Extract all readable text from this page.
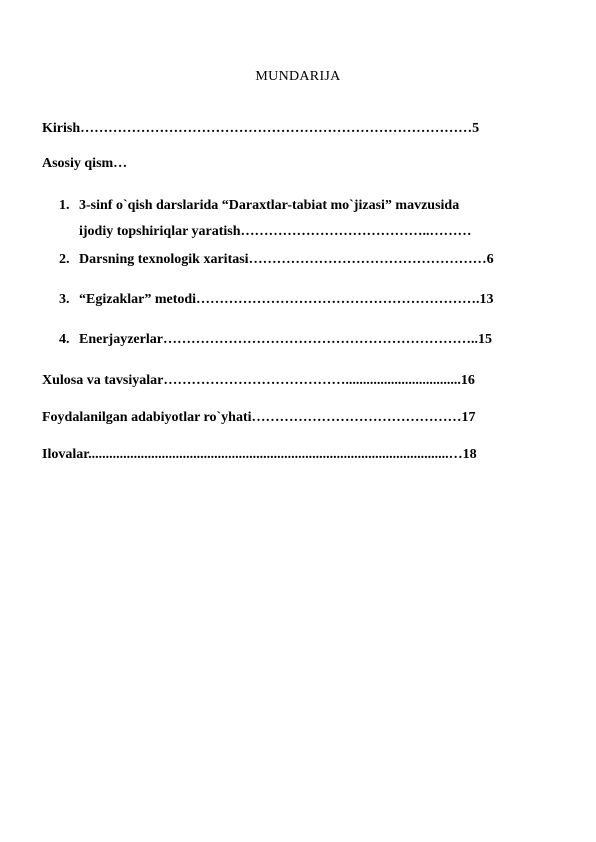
MUNDARIJA
Kirish…………………………………………………………………………5
Asosiy qism…
1. 3-sinf o`qish darslarida “Daraxtlar-tabiat mo`jizasi” mavzusida
ijodiy topshiriqlar yaratish…………………………………..………
2. Darsning texnologik xaritasi……………………………………………6
3. “Egizaklar” metodi…………………………………………………….13
4. Enerjayzerlar…………………………………………………………..15
Xulosa va tavsiyalar………………………………….................................16
Foydalanilgan adabiyotlar ro`yhati………………………………………17
Ilovalar.......................................................................................................…18
